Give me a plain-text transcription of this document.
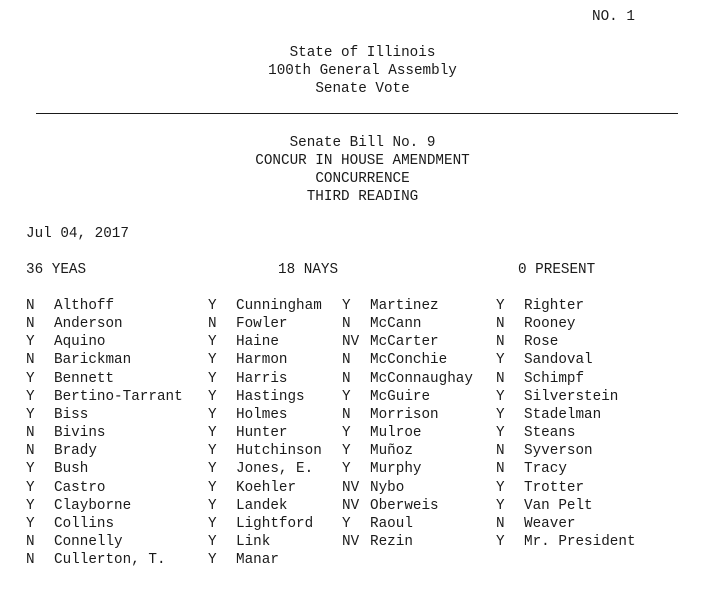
NO. 1
State of Illinois
100th General Assembly
Senate Vote
Senate Bill No. 9
CONCUR IN HOUSE AMENDMENT
CONCURRENCE
THIRD READING
Jul 04, 2017
36 YEAS	18 NAYS	0 PRESENT
N Althoff
N Anderson
Y Aquino
N Barickman
Y Bennett
Y Bertino-Tarrant
Y Biss
N Bivins
N Brady
Y Bush
Y Castro
Y Clayborne
Y Collins
N Connelly
N Cullerton, T.
Y Cunningham
N Fowler
Y Haine
Y Harmon
Y Harris
Y Hastings
Y Holmes
Y Hunter
Y Hutchinson
Y Jones, E.
Y Koehler
Y Landek
Y Lightford
Y Link
Y Manar
Y Martinez
N McCann
NV McCarter
N McConchie
N McConnaughay
Y McGuire
N Morrison
Y Mulroe
Y Muñoz
Y Murphy
NV Nybo
NV Oberweis
Y Raoul
NV Rezin
Y Righter
N Rooney
N Rose
Y Sandoval
N Schimpf
Y Silverstein
Y Stadelman
Y Steans
N Syverson
N Tracy
Y Trotter
Y Van Pelt
N Weaver
Y Mr. President
